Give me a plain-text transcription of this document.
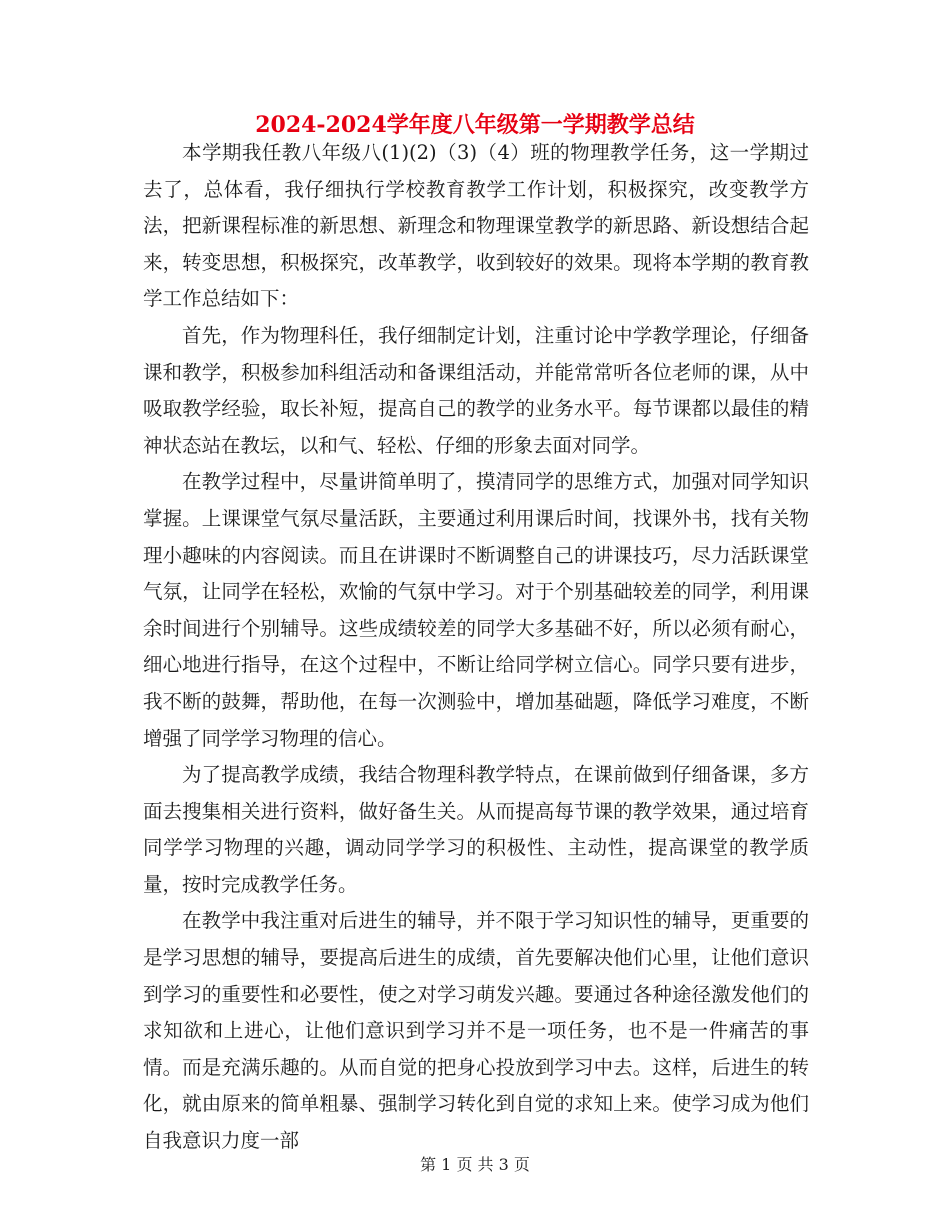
2024-2024学年度八年级第一学期教学总结

本学期我任教八年级八(1)(2)（3)（4）班的物理教学任务，这一学期过去了，总体看，我仔细执行学校教育教学工作计划，积极探究，改变教学方法，把新课程标准的新思想、新理念和物理课堂教学的新思路、新设想结合起来，转变思想，积极探究，改革教学，收到较好的效果。现将本学期的教育教学工作总结如下：

首先，作为物理科任，我仔细制定计划，注重讨论中学教学理论，仔细备课和教学，积极参加科组活动和备课组活动，并能常常听各位老师的课，从中吸取教学经验，取长补短，提高自己的教学的业务水平。每节课都以最佳的精神状态站在教坛，以和气、轻松、仔细的形象去面对同学。

在教学过程中，尽量讲简单明了，摸清同学的思维方式，加强对同学知识掌握。上课课堂气氛尽量活跃，主要通过利用课后时间，找课外书，找有关物理小趣味的内容阅读。而且在讲课时不断调整自己的讲课技巧，尽力活跃课堂气氛，让同学在轻松，欢愉的气氛中学习。对于个别基础较差的同学，利用课余时间进行个别辅导。这些成绩较差的同学大多基础不好，所以必须有耐心，细心地进行指导，在这个过程中，不断让给同学树立信心。同学只要有进步，我不断的鼓舞，帮助他，在每一次测验中，增加基础题，降低学习难度，不断增强了同学学习物理的信心。

为了提高教学成绩，我结合物理科教学特点，在课前做到仔细备课，多方面去搜集相关进行资料，做好备生关。从而提高每节课的教学效果，通过培育同学学习物理的兴趣，调动同学学习的积极性、主动性，提高课堂的教学质量，按时完成教学任务。

在教学中我注重对后进生的辅导，并不限于学习知识性的辅导，更重要的是学习思想的辅导，要提高后进生的成绩，首先要解决他们心里，让他们意识到学习的重要性和必要性，使之对学习萌发兴趣。要通过各种途径激发他们的求知欲和上进心，让他们意识到学习并不是一项任务，也不是一件痛苦的事情。而是充满乐趣的。从而自觉的把身心投放到学习中去。这样，后进生的转化，就由原来的简单粗暴、强制学习转化到自觉的求知上来。使学习成为他们自我意识力度一部

第 1 页 共 3 页
